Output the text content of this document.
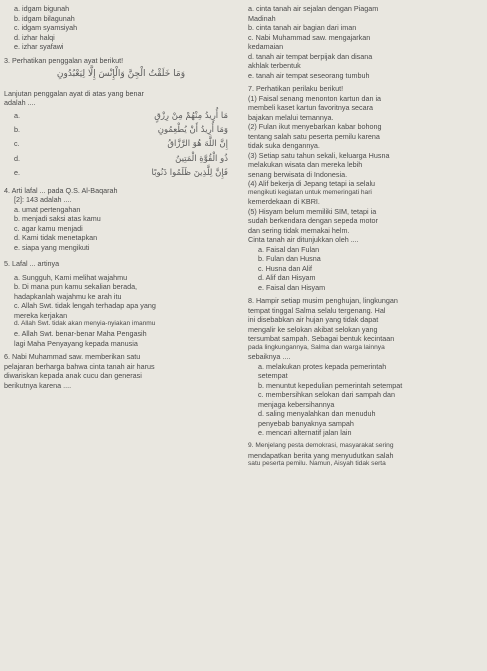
a. idgam bigunah
b. idgam bilagunah
c. idgam syamsiyah
d. izhar halqi
e. izhar syafawi
3. Perhatikan penggalan ayat berikut!
وَمَا خَلَقْتُ الْجِنَّ وَالْإِنْسَ إِلَّا لِيَعْبُدُونِ
Lanjutan penggalan ayat di atas yang benar
adalah ....
a.	مَا أُرِيدُ مِنْهُمْ مِنْ رِزْقٍ
b.	وَمَا أُرِيدُ أَنْ يُطْعِمُونِ
c.	إِنَّ اللَّهَ هُوَ الرَّزَّاقُ
d.	ذُو الْقُوَّةِ الْمَتِينُ
e.	فَإِنَّ لِلَّذِينَ ظَلَمُوا ذَنُوبًا
4. Arti lafal ... pada Q.S. Al-Baqarah
[2]: 143 adalah ....
a. umat pertengahan
b. menjadi saksi atas kamu
c. agar kamu menjadi
d. Kami tidak menetapkan
e. siapa yang mengikuti
5. Lafal ... artinya
a. Sungguh, Kami melihat wajahmu
b. Di mana pun kamu sekalian berada,
hadapkanlah wajahmu ke arah itu
c. Allah Swt. tidak lengah terhadap apa yang
mereka kerjakan
d. Allah Swt. tidak akan menyia-nyiakan imanmu
e. Allah Swt. benar-benar Maha Pengasih
lagi Maha Penyayang kepada manusia
6. Nabi Muhammad saw. memberikan satu
pelajaran berharga bahwa cinta tanah air harus
diwariskan kepada anak cucu dan generasi
berikutnya karena ....
a. cinta tanah air sejalan dengan Piagam
Madinah
b. cinta tanah air bagian dari iman
c. Nabi Muhammad saw. mengajarkan
kedamaian
d. tanah air tempat berpijak dan disana
akhlak terbentuk
e. tanah air tempat seseorang tumbuh
7. Perhatikan perilaku berikut!
(1) Faisal senang menonton kartun dan ia
membeli kaset kartun favoritnya secara
bajakan melalui temannya.
(2) Fulan ikut menyebarkan kabar bohong
tentang salah satu peserta pemilu karena
tidak suka dengannya.
(3) Setiap satu tahun sekali, keluarga Husna
melakukan wisata dan mereka lebih
senang berwisata di Indonesia.
(4) Alif bekerja di Jepang tetapi ia selalu
mengikuti kegiatan untuk memeringati hari
kemerdekaan di KBRI.
(5) Hisyam belum memiliki SIM, tetapi ia
sudah berkendara dengan sepeda motor
dan sering tidak memakai helm.
Cinta tanah air ditunjukkan oleh ....
a. Faisal dan Fulan
b. Fulan dan Husna
c. Husna dan Alif
d. Alif dan Hisyam
e. Faisal dan Hisyam
8. Hampir setiap musim penghujan, lingkungan
tempat tinggal Salma selalu tergenang. Hal
ini disebabkan air hujan yang tidak dapat
mengalir ke selokan akibat selokan yang
tersumbat sampah. Sebagai bentuk kecintaan
pada lingkungannya, Salma dan warga lainnya
sebaiknya ....
a. melakukan protes kepada pemerintah
setempat
b. menuntut kepedulian pemerintah setempat
c. membersihkan selokan dari sampah dan
menjaga kebersihannya
d. saling menyalahkan dan menuduh
penyebab banyaknya sampah
e. mencari alternatif jalan lain
9. Menjelang pesta demokrasi, masyarakat sering
mendapatkan berita yang menyudutkan salah
satu peserta pemilu. Namun, Aisyah tidak serta
